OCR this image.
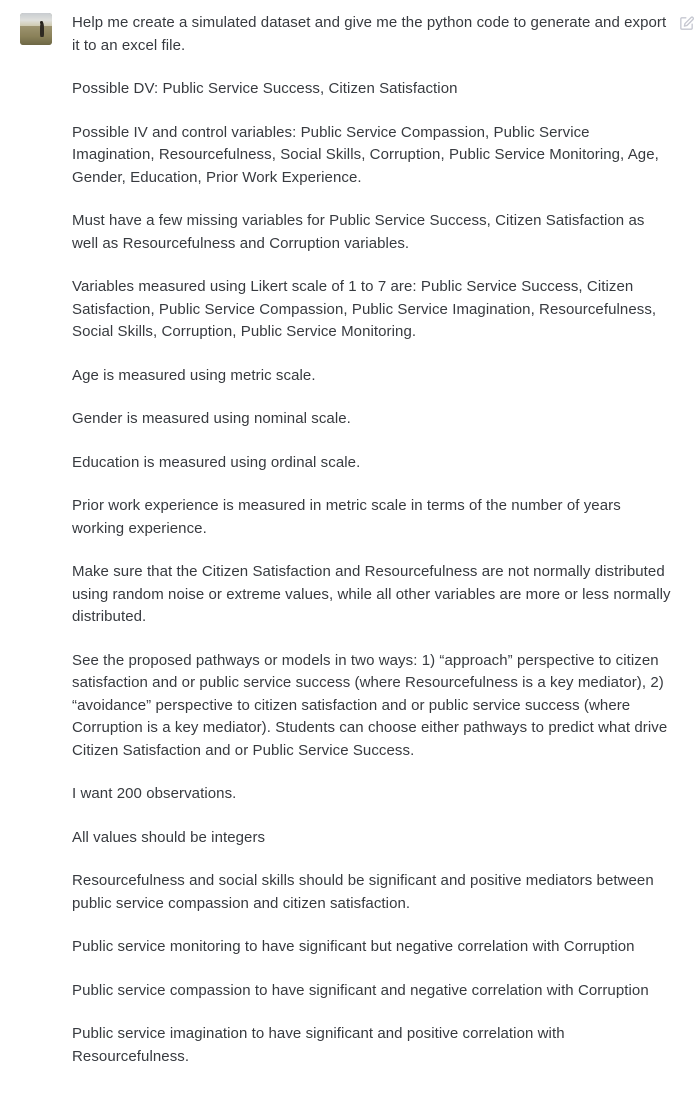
Help me create a simulated dataset and give me the python code to generate and export it to an excel file.

Possible DV: Public Service Success, Citizen Satisfaction

Possible IV and control variables: Public Service Compassion, Public Service Imagination, Resourcefulness, Social Skills, Corruption, Public Service Monitoring, Age, Gender, Education, Prior Work Experience.

Must have a few missing variables for Public Service Success, Citizen Satisfaction as well as Resourcefulness and Corruption variables.

Variables measured using Likert scale of 1 to 7 are: Public Service Success, Citizen Satisfaction, Public Service Compassion, Public Service Imagination, Resourcefulness, Social Skills, Corruption, Public Service Monitoring.

Age is measured using metric scale.

Gender is measured using nominal scale.

Education is measured using ordinal scale.

Prior work experience is measured in metric scale in terms of the number of years working experience.

Make sure that the Citizen Satisfaction and Resourcefulness are not normally distributed using random noise or extreme values, while all other variables are more or less normally distributed.

See the proposed pathways or models in two ways: 1) “approach” perspective to citizen satisfaction and or public service success (where Resourcefulness is a key mediator), 2) “avoidance” perspective to citizen satisfaction and or public service success (where Corruption is a key mediator). Students can choose either pathways to predict what drive Citizen Satisfaction and or Public Service Success.

I want 200 observations.

All values should be integers

Resourcefulness and social skills should be significant and positive mediators between public service compassion and citizen satisfaction.

Public service monitoring to have significant but negative correlation with Corruption

Public service compassion to have significant and negative correlation with Corruption

Public service imagination to have significant and positive correlation with Resourcefulness.
